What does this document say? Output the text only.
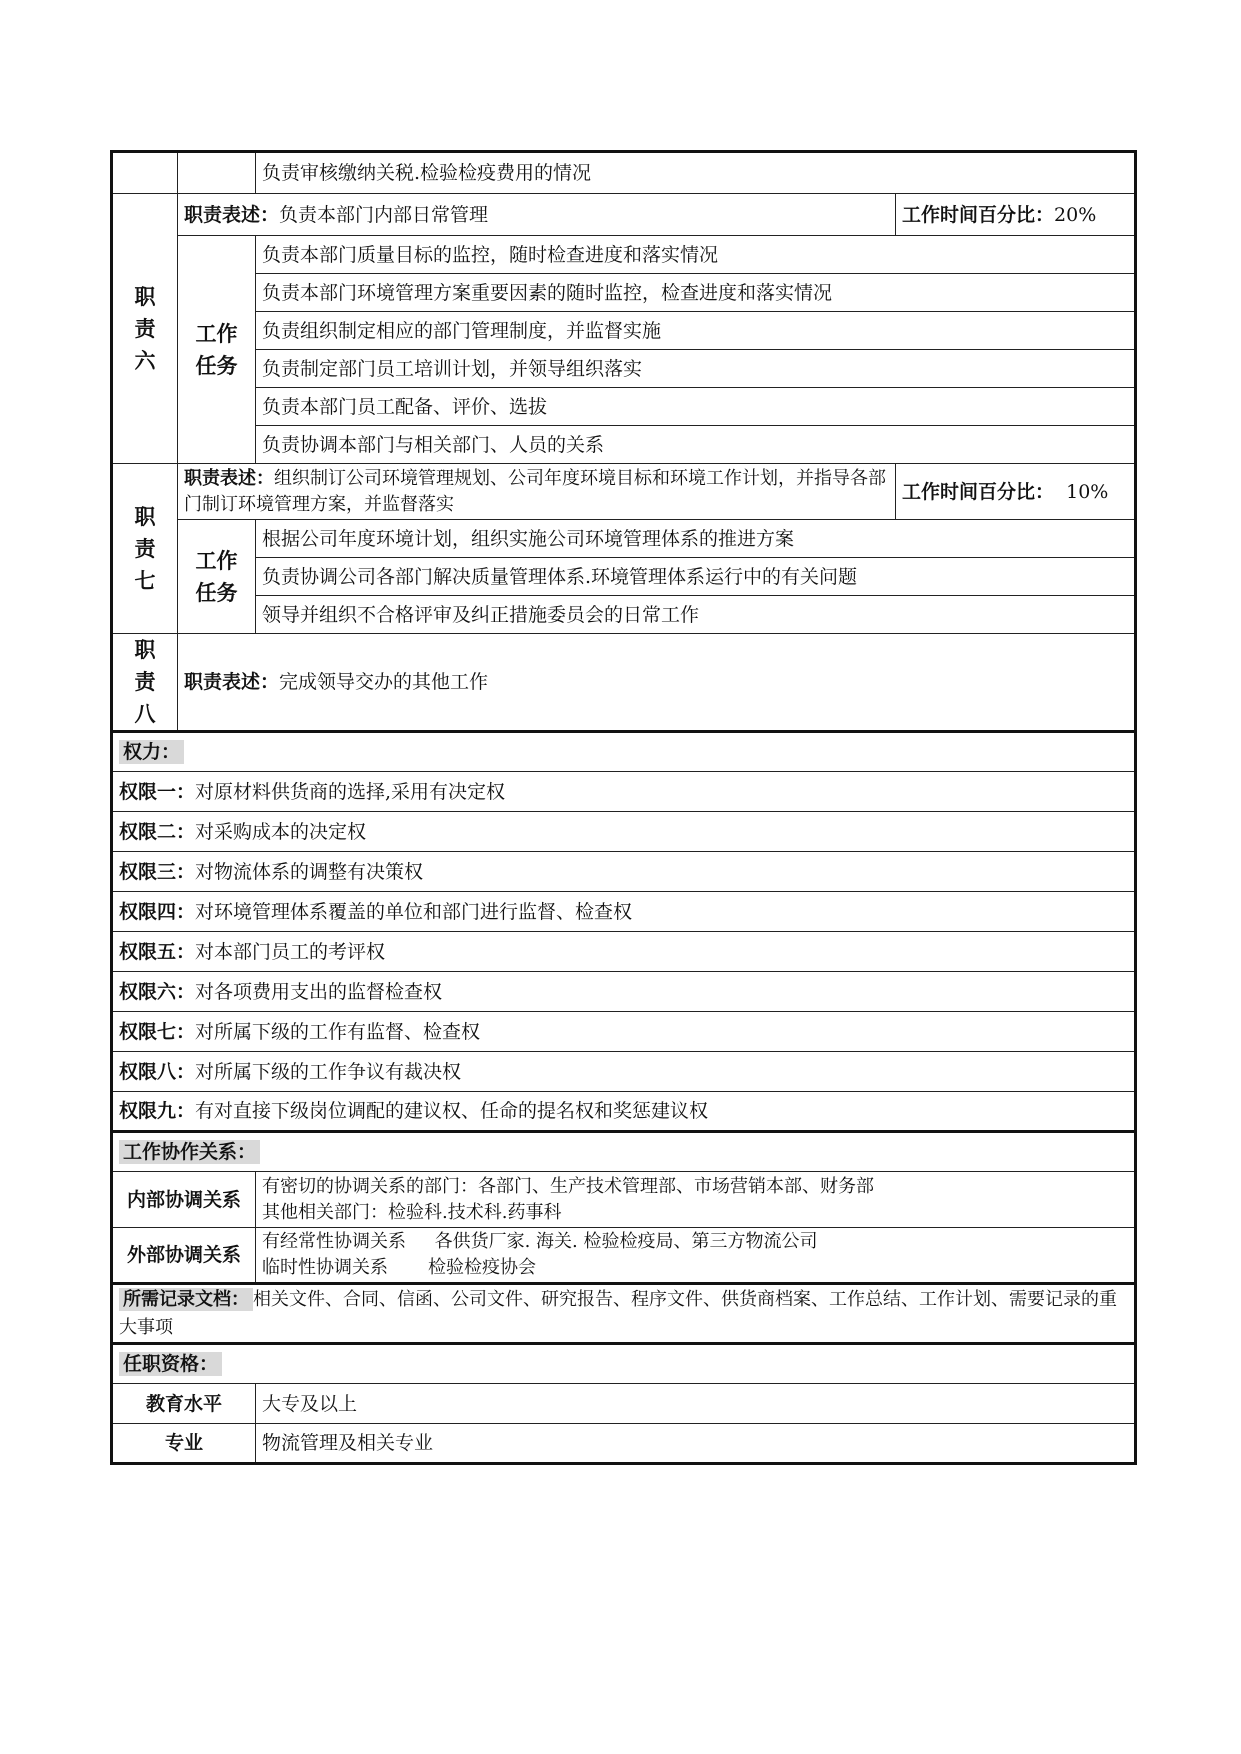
		负责审核缴纳关税.检验检疫费用的情况	

职
责
六	职责表述：负责本部门内部日常管理		工作时间百分比：20%

	工作
任务	负责本部门质量目标的监控，随时检查进度和落实情况	
		负责本部门环境管理方案重要因素的随时监控，检查进度和落实情况	
		负责组织制定相应的部门管理制度，并监督实施	
		负责制定部门员工培训计划，并领导组织落实	
		负责本部门员工配备、评价、选拔	
		负责协调本部门与相关部门、人员的关系	

职
责
七	职责表述：组织制订公司环境管理规划、公司年度环境目标和环境工作计划，并指导各部门制订环境管理方案，并监督落实		工作时间百分比： 10%

	工作
任务	根据公司年度环境计划，组织实施公司环境管理体系的推进方案	
		负责协调公司各部门解决质量管理体系.环境管理体系运行中的有关问题	
		领导并组织不合格评审及纠正措施委员会的日常工作	

职
责
八	职责表述：完成领导交办的其他工作		
权力：			
权限一：对原材料供货商的选择,采用有决定权			
权限二：对采购成本的决定权			
权限三：对物流体系的调整有决策权			
权限四：对环境管理体系覆盖的单位和部门进行监督、检查权			
权限五：对本部门员工的考评权			
权限六：对各项费用支出的监督检查权			
权限七：对所属下级的工作有监督、检查权			
权限八：对所属下级的工作争议有裁决权			
权限九：有对直接下级岗位调配的建议权、任命的提名权和奖惩建议权			
工作协作关系：			
内部协调关系		有密切的协调关系的部门：各部门、生产技术管理部、市场营销本部、财务部
其他相关部门：检验科.技术科.药事科	

外部协调关系		有经常性协调关系     各供货厂家. 海关. 检验检疫局、第三方物流公司
临时性协调关系       检验检疫协会	

所需记录文档： 相关文件、合同、信函、公司文件、研究报告、程序文件、供货商档案、工作总结、工作计划、需要记录的重大事项			
任职资格：			
教育水平		大专及以上	
专业		物流管理及相关专业	
